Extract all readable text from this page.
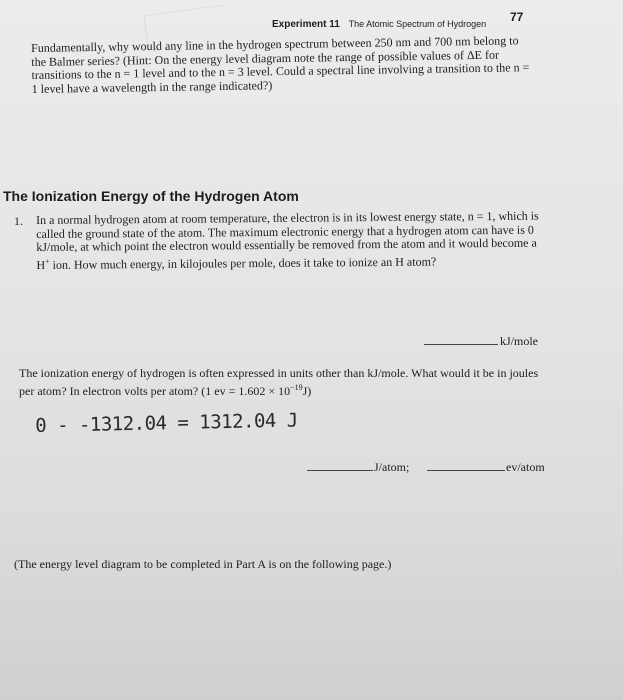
Experiment 11 The Atomic Spectrum of Hydrogen 77

Fundamentally, why would any line in the hydrogen spectrum between 250 nm and 700 nm belong to the Balmer series? (Hint: On the energy level diagram note the range of possible values of ΔE for transitions to the n = 1 level and to the n = 3 level. Could a spectral line involving a transition to the n = 1 level have a wavelength in the range indicated?)

The Ionization Energy of the Hydrogen Atom
1. In a normal hydrogen atom at room temperature, the electron is in its lowest energy state, n = 1, which is called the ground state of the atom. The maximum electronic energy that a hydrogen atom can have is 0 kJ/mole, at which point the electron would essentially be removed from the atom and it would become a H+ ion. How much energy, in kilojoules per mole, does it take to ionize an H atom?

kJ/mole

The ionization energy of hydrogen is often expressed in units other than kJ/mole. What would it be in joules per atom? In electron volts per atom? (1 ev = $1.602 \times 10^{-19}J$)

0 - -1312.04 = 1312.04 J

J/atom;	ev/atom

(The energy level diagram to be completed in Part A is on the following page.)
